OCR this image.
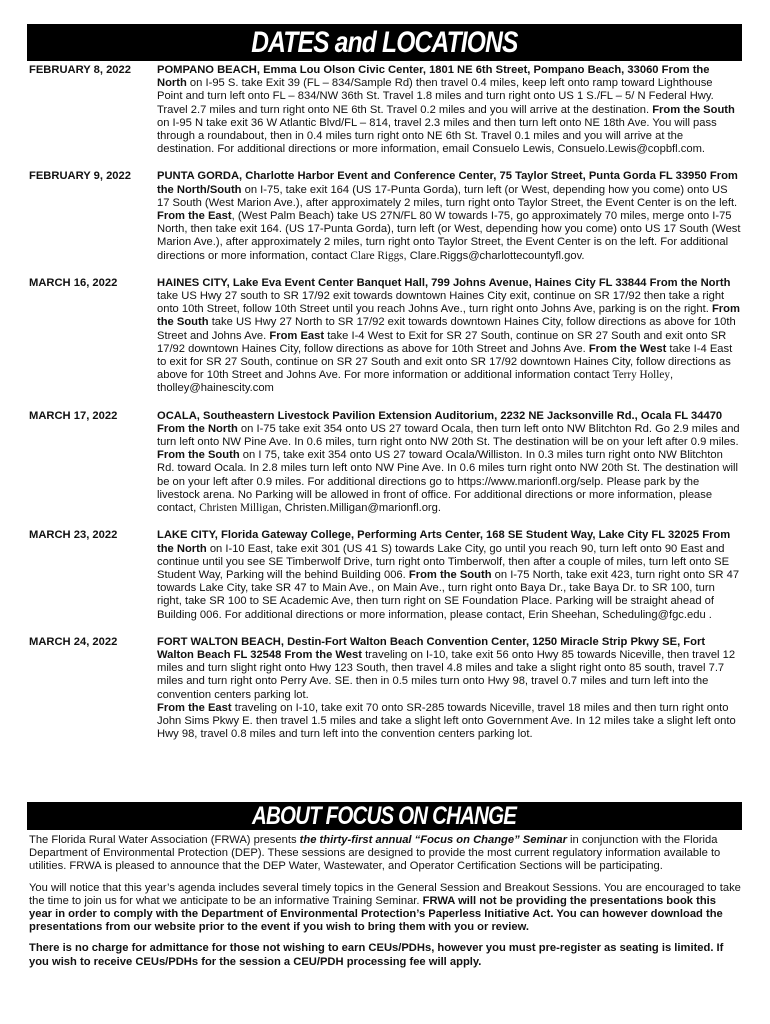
DATES and LOCATIONS
FEBRUARY 8, 2022	POMPANO BEACH, Emma Lou Olson Civic Center, 1801 NE 6th Street, Pompano Beach, 33060 From the North on I-95 S. take Exit 39 (FL – 834/Sample Rd) then travel 0.4 miles, keep left onto ramp toward Lighthouse Point and turn left onto FL – 834/NW 36th St. Travel 1.8 miles and turn right onto US 1 S./FL – 5/ N Federal Hwy. Travel 2.7 miles and turn right onto NE 6th St. Travel 0.2 miles and you will arrive at the destination. From the South on I-95 N take exit 36 W Atlantic Blvd/FL – 814, travel 2.3 miles and then turn left onto NE 18th Ave. You will pass through a roundabout, then in 0.4 miles turn right onto NE 6th St. Travel 0.1 miles and you will arrive at the destination. For additional directions or more information, email Consuelo Lewis, Consuelo.Lewis@copbfl.com.

FEBRUARY 9, 2022	PUNTA GORDA, Charlotte Harbor Event and Conference Center, 75 Taylor Street, Punta Gorda FL 33950 From the North/South on I-75, take exit 164 (US 17-Punta Gorda), turn left (or West, depending how you come) onto US 17 South (West Marion Ave.), after approximately 2 miles, turn right onto Taylor Street, the Event Center is on the left. From the East, (West Palm Beach) take US 27N/FL 80 W towards I-75, go approximately 70 miles, merge onto I-75 North, then take exit 164. (US 17-Punta Gorda), turn left (or West, depending how you come) onto US 17 South (West Marion Ave.), after approximately 2 miles, turn right onto Taylor Street, the Event Center is on the left. For additional directions or more information, contact Clare Riggs, Clare.Riggs@charlottecountyfl.gov.

MARCH 16, 2022	HAINES CITY, Lake Eva Event Center Banquet Hall, 799 Johns Avenue, Haines City FL 33844 From the North take US Hwy 27 south to SR 17/92 exit towards downtown Haines City exit, continue on SR 17/92 then take a right onto 10th Street, follow 10th Street until you reach Johns Ave., turn right onto Johns Ave, parking is on the right. From the South take US Hwy 27 North to SR 17/92 exit towards downtown Haines City, follow directions as above for 10th Street and Johns Ave. From East take I-4 West to Exit for SR 27 South, continue on SR 27 South and exit onto SR 17/92 downtown Haines City, follow directions as above for 10th Street and Johns Ave. From the West take I-4 East to exit for SR 27 South, continue on SR 27 South and exit onto SR 17/92 downtown Haines City, follow directions as above for 10th Street and Johns Ave. For more information or additional information contact Terry Holley, tholley@hainescity.com

MARCH 17, 2022	OCALA, Southeastern Livestock Pavilion Extension Auditorium, 2232 NE Jacksonville Rd., Ocala FL 34470 From the North on I-75 take exit 354 onto US 27 toward Ocala, then turn left onto NW Blitchton Rd. Go 2.9 miles and turn left onto NW Pine Ave. In 0.6 miles, turn right onto NW 20th St. The destination will be on your left after 0.9 miles. From the South on I 75, take exit 354 onto US 27 toward Ocala/Williston. In 0.3 miles turn right onto NW Blitchton Rd. toward Ocala. In 2.8 miles turn left onto NW Pine Ave. In 0.6 miles turn right onto NW 20th St. The destination will be on your left after 0.9 miles. For additional directions go to https://www.marionfl.org/selp. Please park by the livestock arena. No Parking will be allowed in front of office. For additional directions or more information, please contact, Christen Milligan, Christen.Milligan@marionfl.org.

MARCH 23, 2022	LAKE CITY, Florida Gateway College, Performing Arts Center, 168 SE Student Way, Lake City FL 32025 From the North on I-10 East, take exit 301 (US 41 S) towards Lake City, go until you reach 90, turn left onto 90 East and continue until you see SE Timberwolf Drive, turn right onto Timberwolf, then after a couple of miles, turn left onto SE Student Way, Parking will the behind Building 006. From the South on I-75 North, take exit 423, turn right onto SR 47 towards Lake City, take SR 47 to Main Ave., on Main Ave., turn right onto Baya Dr., take Baya Dr. to SR 100, turn right, take SR 100 to SE Academic Ave, then turn right on SE Foundation Place. Parking will be straight ahead of Building 006. For additional directions or more information, please contact, Erin Sheehan, Scheduling@fgc.edu .

MARCH 24, 2022	FORT WALTON BEACH, Destin-Fort Walton Beach Convention Center, 1250 Miracle Strip Pkwy SE, Fort Walton Beach FL 32548 From the West traveling on I-10, take exit 56 onto Hwy 85 towards Niceville, then travel 12 miles and turn slight right onto Hwy 123 South, then travel 4.8 miles and take a slight right onto 85 south, travel 7.7 miles and turn right onto Perry Ave. SE. then in 0.5 miles turn onto Hwy 98, travel 0.7 miles and turn left into the convention centers parking lot.
From the East traveling on I-10, take exit 70 onto SR-285 towards Niceville, travel 18 miles and then turn right onto John Sims Pkwy E. then travel 1.5 miles and take a slight left onto Government Ave. In 12 miles take a slight left onto Hwy 98, travel 0.8 miles and turn left into the convention centers parking lot.

ABOUT FOCUS ON CHANGE

The Florida Rural Water Association (FRWA) presents the thirty-first annual “Focus on Change” Seminar in conjunction with the Florida Department of Environmental Protection (DEP). These sessions are designed to provide the most current regulatory information available to utilities. FRWA is pleased to announce that the DEP Water, Wastewater, and Operator Certification Sections will be participating.

You will notice that this year’s agenda includes several timely topics in the General Session and Breakout Sessions. You are encouraged to take the time to join us for what we anticipate to be an informative Training Seminar. FRWA will not be providing the presentations book this year in order to comply with the Department of Environmental Protection’s Paperless Initiative Act. You can however download the presentations from our website prior to the event if you wish to bring them with you or review.

There is no charge for admittance for those not wishing to earn CEUs/PDHs, however you must pre-register as seating is limited. If you wish to receive CEUs/PDHs for the session a CEU/PDH processing fee will apply.
